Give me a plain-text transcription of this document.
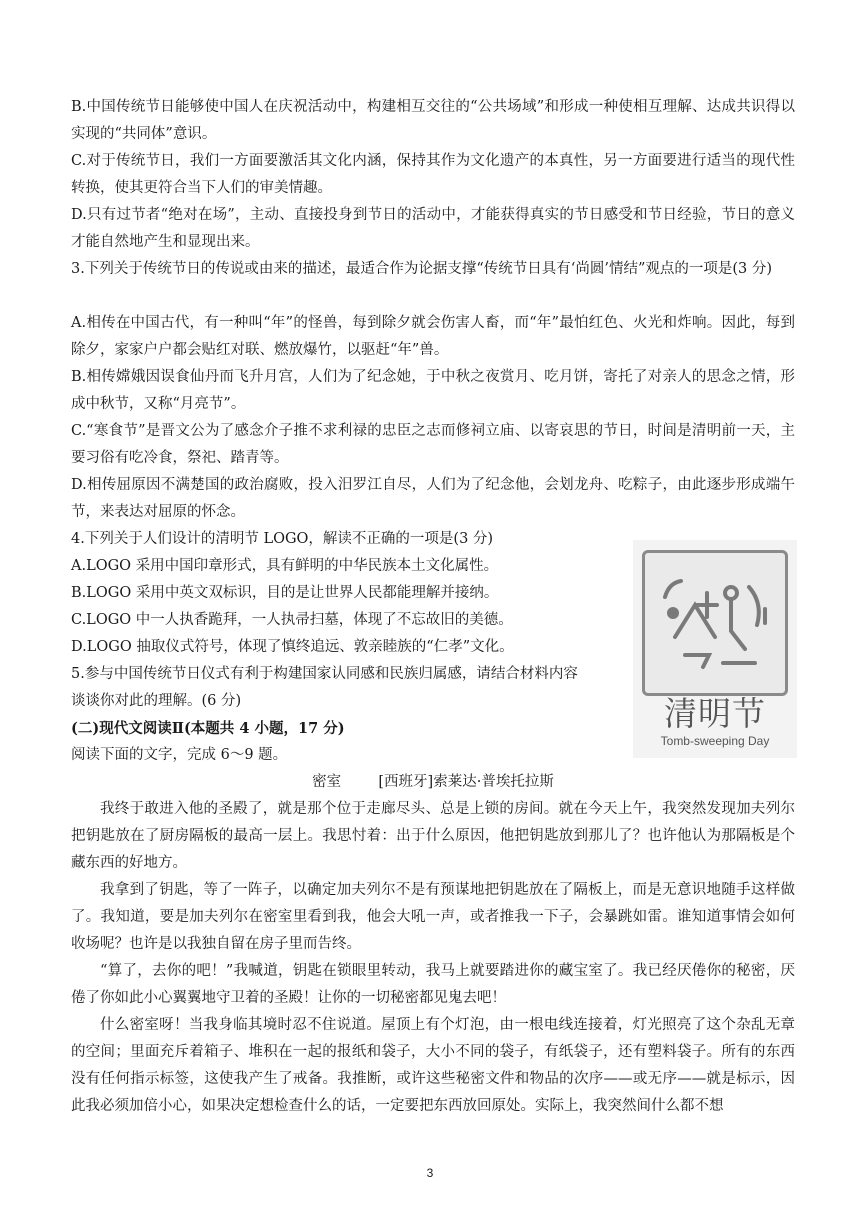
B.中国传统节日能够使中国人在庆祝活动中，构建相互交往的“公共场域”和形成一种使相互理解、达成共识得以实现的“共同体”意识。

C.对于传统节日，我们一方面要激活其文化内涵，保持其作为文化遗产的本真性，另一方面要进行适当的现代性转换，使其更符合当下人们的审美情趣。

D.只有过节者“绝对在场”，主动、直接投身到节日的活动中，才能获得真实的节日感受和节日经验，节日的意义才能自然地产生和显现出来。

3.下列关于传统节日的传说或由来的描述，最适合作为论据支撑“传统节日具有‘尚圆’情结”观点的一项是(3 分)

A.相传在中国古代，有一种叫“年”的怪兽，每到除夕就会伤害人畜，而“年”最怕红色、火光和炸响。因此，每到除夕，家家户户都会贴红对联、燃放爆竹，以驱赶“年”兽。

B.相传嫦娥因误食仙丹而飞升月宫，人们为了纪念她，于中秋之夜赏月、吃月饼，寄托了对亲人的思念之情，形成中秋节，又称“月亮节”。

C.“寒食节”是晋文公为了感念介子推不求利禄的忠臣之志而修祠立庙、以寄哀思的节日，时间是清明前一天，主要习俗有吃冷食，祭祀、踏青等。

D.相传屈原因不满楚国的政治腐败，投入汨罗江自尽，人们为了纪念他，会划龙舟、吃粽子，由此逐步形成端午节，来表达对屈原的怀念。

4.下列关于人们设计的清明节 LOGO，解读不正确的一项是(3 分)

A.LOGO 采用中国印章形式，具有鲜明的中华民族本土文化属性。

B.LOGO 采用中英文双标识，目的是让世界人民都能理解并接纳。

C.LOGO 中一人执香跪拜，一人执帚扫墓，体现了不忘故旧的美德。

D.LOGO 抽取仪式符号，体现了慎终追远、敦亲睦族的“仁孝”文化。

5.参与中国传统节日仪式有利于构建国家认同感和民族归属感，请结合材料内容

谈谈你对此的理解。(6 分)	清明节
Tomb-sweeping Day

(二)现代文阅读Ⅱ(本题共 4 小题，17 分)

阅读下面的文字，完成 6～9 题。

密室	[西班牙]索莱达·普埃托拉斯

我终于敢进入他的圣殿了，就是那个位于走廊尽头、总是上锁的房间。就在今天上午，我突然发现加夫列尔把钥匙放在了厨房隔板的最高一层上。我思忖着：出于什么原因，他把钥匙放到那儿了？也许他认为那隔板是个藏东西的好地方。

我拿到了钥匙，等了一阵子，以确定加夫列尔不是有预谋地把钥匙放在了隔板上，而是无意识地随手这样做了。我知道，要是加夫列尔在密室里看到我，他会大吼一声，或者推我一下子，会暴跳如雷。谁知道事情会如何收场呢？也许是以我独自留在房子里而告终。

“算了，去你的吧！”我喊道，钥匙在锁眼里转动，我马上就要踏进你的藏宝室了。我已经厌倦你的秘密，厌倦了你如此小心翼翼地守卫着的圣殿！让你的一切秘密都见鬼去吧！

什么密室呀！当我身临其境时忍不住说道。屋顶上有个灯泡，由一根电线连接着，灯光照亮了这个杂乱无章的空间；里面充斥着箱子、堆积在一起的报纸和袋子，大小不同的袋子，有纸袋子，还有塑料袋子。所有的东西没有任何指示标签，这使我产生了戒备。我推断，或许这些秘密文件和物品的次序——或无序——就是标示，因此我必须加倍小心，如果决定想检查什么的话，一定要把东西放回原处。实际上，我突然间什么都不想

3
